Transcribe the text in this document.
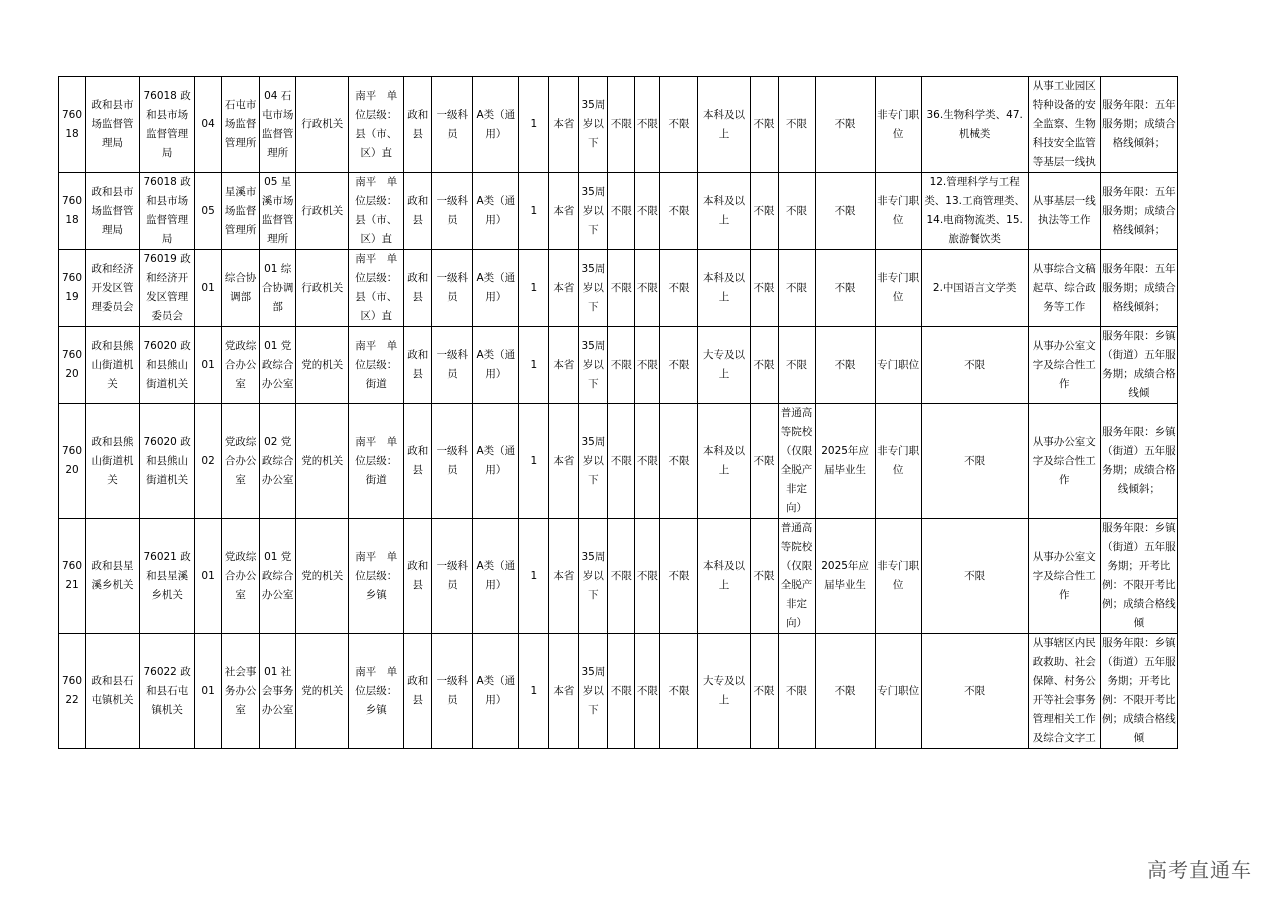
76018	政和县市场监督管理局	76018 政和县市场监督管理局	04	石屯市场监督管理所	04 石屯市场监督管理所	行政机关	南平　单位层级：县（市、区）直	政和县	一级科员	A类（通用）	1	本省	35周岁以下	不限	不限	不限	本科及以上	不限	不限	不限	非专门职位	36.生物科学类、47.机械类	从事工业园区特种设备的安全监察、生物科技安全监管等基层一线执	服务年限：五年服务期；成绩合格线倾斜；
76018	政和县市场监督管理局	76018 政和县市场监督管理局	05	星溪市场监督管理所	05 星溪市场监督管理所	行政机关	南平　单位层级：县（市、区）直	政和县	一级科员	A类（通用）	1	本省	35周岁以下	不限	不限	不限	本科及以上	不限	不限	不限	非专门职位	12.管理科学与工程类、13.工商管理类、14.电商物流类、15.旅游餐饮类	从事基层一线执法等工作	服务年限：五年服务期；成绩合格线倾斜；
76019	政和经济开发区管理委员会	76019 政和经济开发区管理委员会	01	综合协调部	01 综合协调部	行政机关	南平　单位层级：县（市、区）直	政和县	一级科员	A类（通用）	1	本省	35周岁以下	不限	不限	不限	本科及以上	不限	不限	不限	非专门职位	2.中国语言文学类	从事综合文稿起草、综合政务等工作	服务年限：五年服务期；成绩合格线倾斜；
76020	政和县熊山街道机关	76020 政和县熊山街道机关	01	党政综合办公室	01 党政综合办公室	党的机关	南平　单位层级：街道	政和县	一级科员	A类（通用）	1	本省	35周岁以下	不限	不限	不限	大专及以上	不限	不限	不限	专门职位	不限	从事办公室文字及综合性工作	服务年限：乡镇（街道）五年服务期；成绩合格线倾
76020	政和县熊山街道机关	76020 政和县熊山街道机关	02	党政综合办公室	02 党政综合办公室	党的机关	南平　单位层级：街道	政和县	一级科员	A类（通用）	1	本省	35周岁以下	不限	不限	不限	本科及以上	不限	普通高等院校（仅限全脱产非定向）	2025年应届毕业生	非专门职位	不限	从事办公室文字及综合性工作	服务年限：乡镇（街道）五年服务期；成绩合格线倾斜；
76021	政和县星溪乡机关	76021 政和县星溪乡机关	01	党政综合办公室	01 党政综合办公室	党的机关	南平　单位层级：乡镇	政和县	一级科员	A类（通用）	1	本省	35周岁以下	不限	不限	不限	本科及以上	不限	普通高等院校（仅限全脱产非定向）	2025年应届毕业生	非专门职位	不限	从事办公室文字及综合性工作	服务年限：乡镇（街道）五年服务期；开考比例：不限开考比例；成绩合格线倾
76022	政和县石屯镇机关	76022 政和县石屯镇机关	01	社会事务办公室	01 社会事务办公室	党的机关	南平　单位层级：乡镇	政和县	一级科员	A类（通用）	1	本省	35周岁以下	不限	不限	不限	大专及以上	不限	不限	不限	专门职位	不限	从事辖区内民政救助、社会保障、村务公开等社会事务管理相关工作及综合文字工	服务年限：乡镇（街道）五年服务期；开考比例：不限开考比例；成绩合格线倾
高考直通车
